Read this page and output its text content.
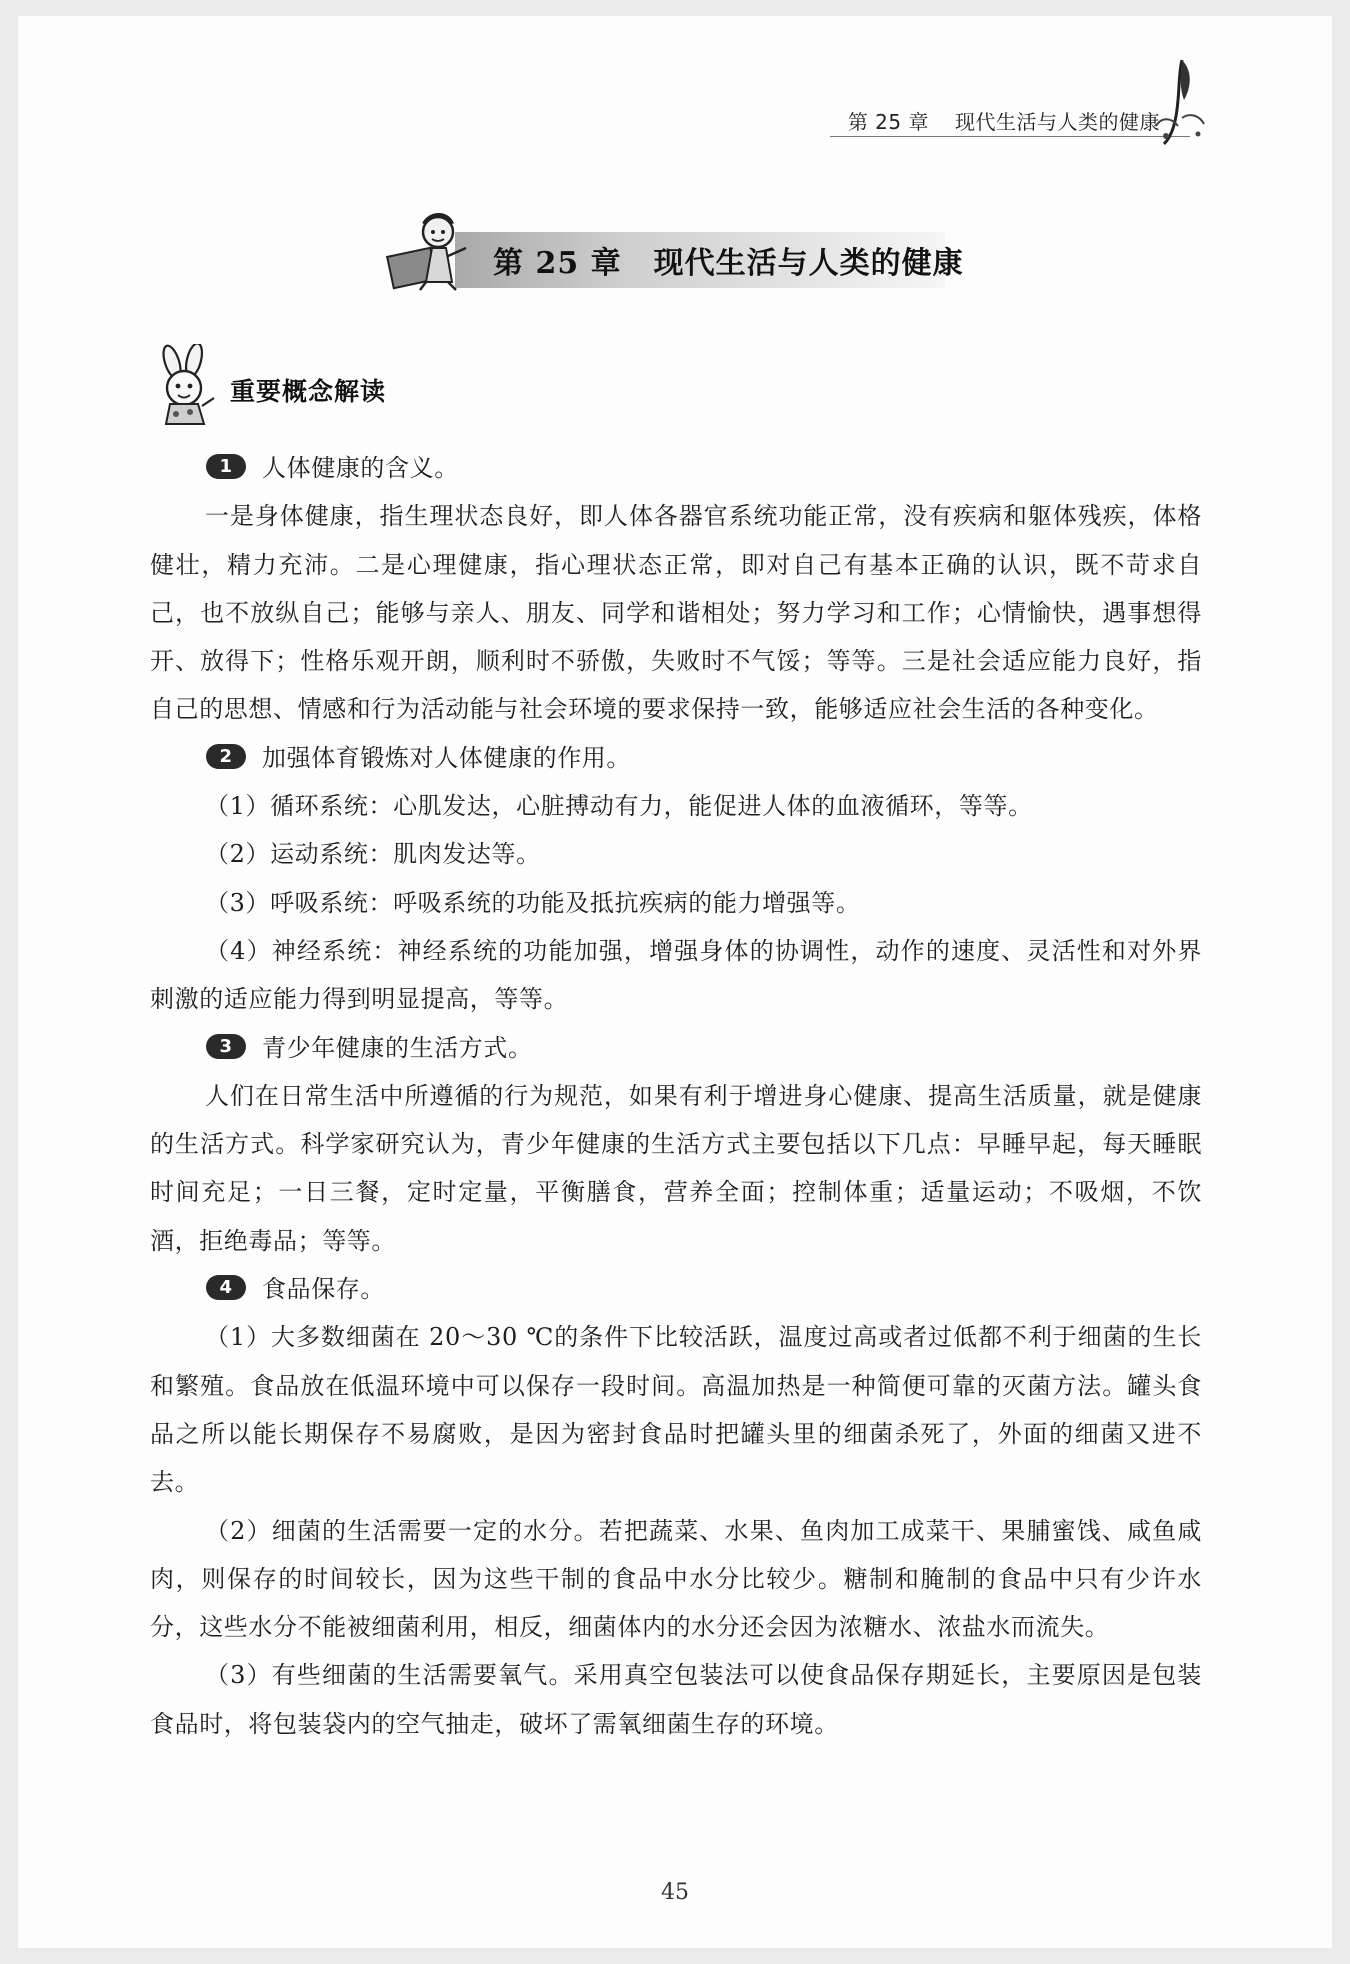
第 25 章 现代生活与人类的健康
第 25 章 现代生活与人类的健康
重要概念解读

1 人体健康的含义。

一是身体健康，指生理状态良好，即人体各器官系统功能正常，没有疾病和躯体残疾，体格健壮，精力充沛。二是心理健康，指心理状态正常，即对自己有基本正确的认识，既不苛求自己，也不放纵自己；能够与亲人、朋友、同学和谐相处；努力学习和工作；心情愉快，遇事想得开、放得下；性格乐观开朗，顺利时不骄傲，失败时不气馁；等等。三是社会适应能力良好，指自己的思想、情感和行为活动能与社会环境的要求保持一致，能够适应社会生活的各种变化。

2 加强体育锻炼对人体健康的作用。

（1）循环系统：心肌发达，心脏搏动有力，能促进人体的血液循环，等等。

（2）运动系统：肌肉发达等。

（3）呼吸系统：呼吸系统的功能及抵抗疾病的能力增强等。

（4）神经系统：神经系统的功能加强，增强身体的协调性，动作的速度、灵活性和对外界刺激的适应能力得到明显提高，等等。

3 青少年健康的生活方式。

人们在日常生活中所遵循的行为规范，如果有利于增进身心健康、提高生活质量，就是健康的生活方式。科学家研究认为，青少年健康的生活方式主要包括以下几点：早睡早起，每天睡眠时间充足；一日三餐，定时定量，平衡膳食，营养全面；控制体重；适量运动；不吸烟，不饮酒，拒绝毒品；等等。

4 食品保存。

（1）大多数细菌在 20～30 ℃的条件下比较活跃，温度过高或者过低都不利于细菌的生长和繁殖。食品放在低温环境中可以保存一段时间。高温加热是一种简便可靠的灭菌方法。罐头食品之所以能长期保存不易腐败，是因为密封食品时把罐头里的细菌杀死了，外面的细菌又进不去。

（2）细菌的生活需要一定的水分。若把蔬菜、水果、鱼肉加工成菜干、果脯蜜饯、咸鱼咸肉，则保存的时间较长，因为这些干制的食品中水分比较少。糖制和腌制的食品中只有少许水分，这些水分不能被细菌利用，相反，细菌体内的水分还会因为浓糖水、浓盐水而流失。

（3）有些细菌的生活需要氧气。采用真空包装法可以使食品保存期延长，主要原因是包装食品时，将包装袋内的空气抽走，破坏了需氧细菌生存的环境。

45
